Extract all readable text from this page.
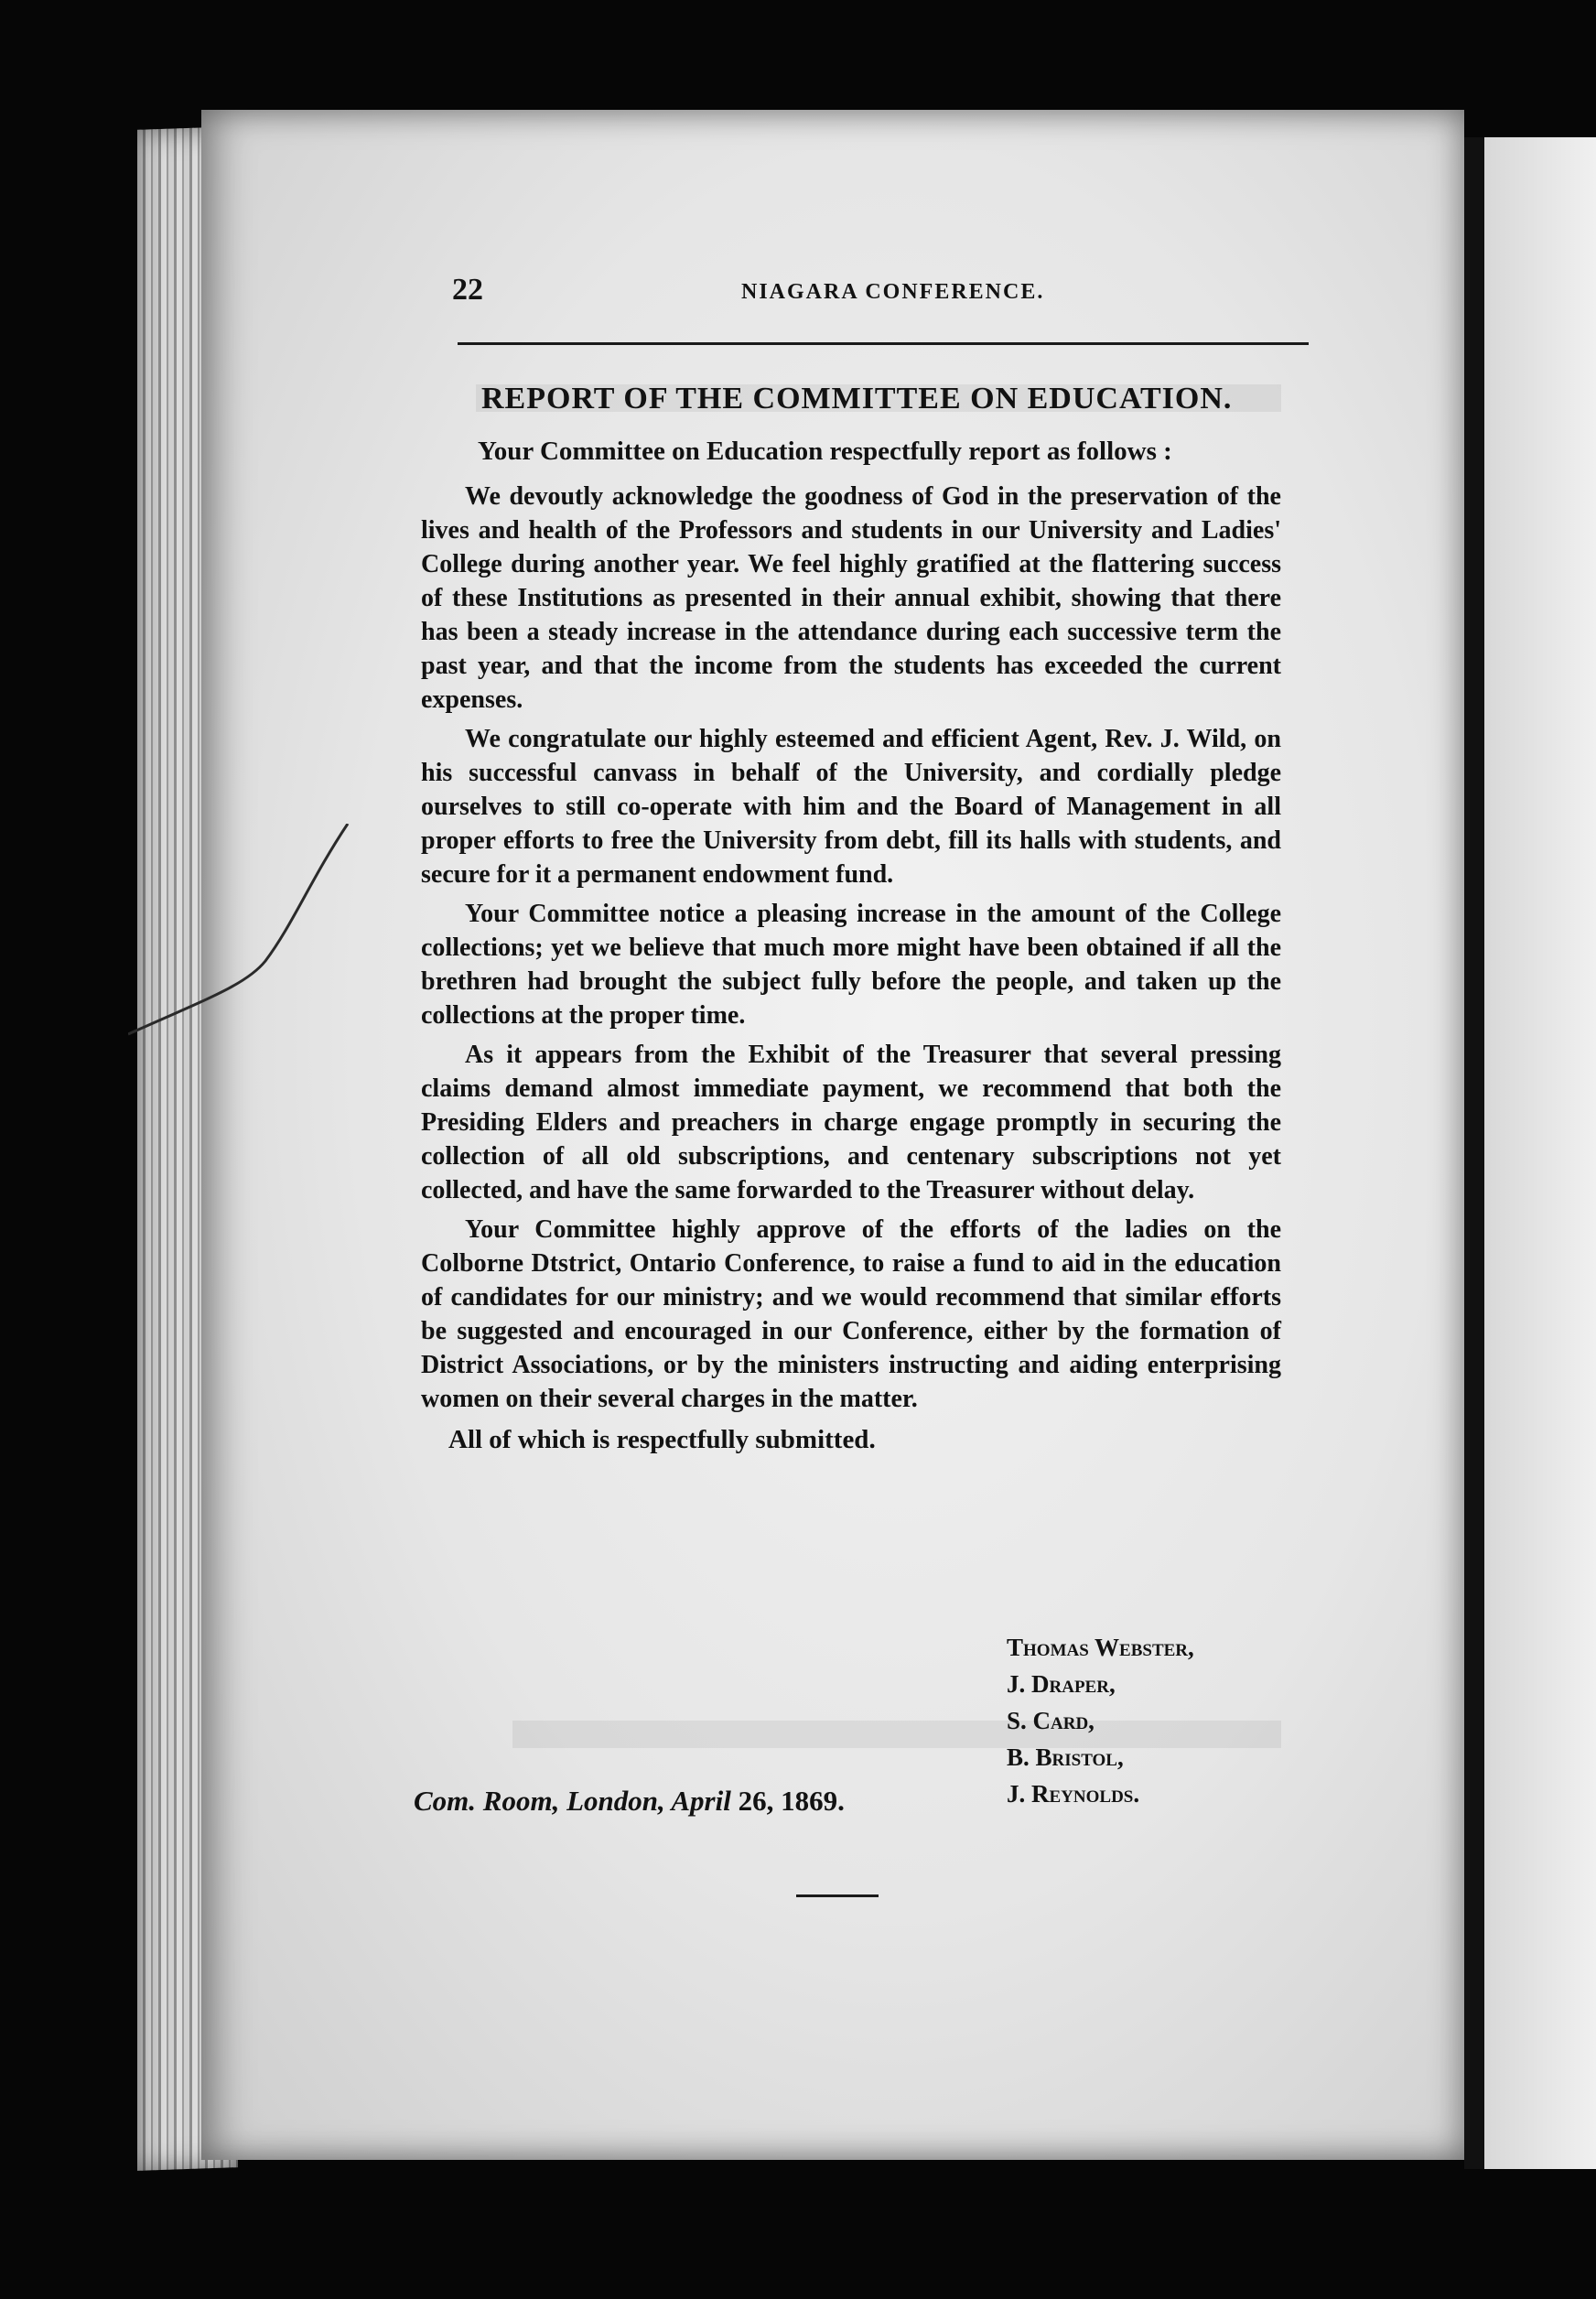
22	NIAGARA CONFERENCE.
REPORT OF THE COMMITTEE ON EDUCATION.
Your Committee on Education respectfully report as follows :

We devoutly acknowledge the goodness of God in the preservation of the lives and health of the Professors and students in our University and Ladies' College during another year. We feel highly gratified at the flattering success of these Institutions as presented in their annual exhibit, showing that there has been a steady increase in the attendance during each successive term the past year, and that the income from the students has exceeded the current expenses.

We congratulate our highly esteemed and efficient Agent, Rev. J. Wild, on his successful canvass in behalf of the University, and cordially pledge ourselves to still co-operate with him and the Board of Management in all proper efforts to free the University from debt, fill its halls with students, and secure for it a permanent endowment fund.

Your Committee notice a pleasing increase in the amount of the College collections; yet we believe that much more might have been obtained if all the brethren had brought the subject fully before the people, and taken up the collections at the proper time.

As it appears from the Exhibit of the Treasurer that several pressing claims demand almost immediate payment, we recommend that both the Presiding Elders and preachers in charge engage promptly in securing the collection of all old subscriptions, and centenary subscriptions not yet collected, and have the same forwarded to the Treasurer without delay.

Your Committee highly approve of the efforts of the ladies on the Colborne Dtstrict, Ontario Conference, to raise a fund to aid in the education of candidates for our ministry; and we would recommend that similar efforts be suggested and encouraged in our Conference, either by the formation of District Associations, or by the ministers instructing and aiding enterprising women on their several charges in the matter.

All of which is respectfully submitted.
Thomas Webster,
J. Draper,
S. Card,
B. Bristol,
J. Reynolds.
Com. Room, London, April 26, 1869.
